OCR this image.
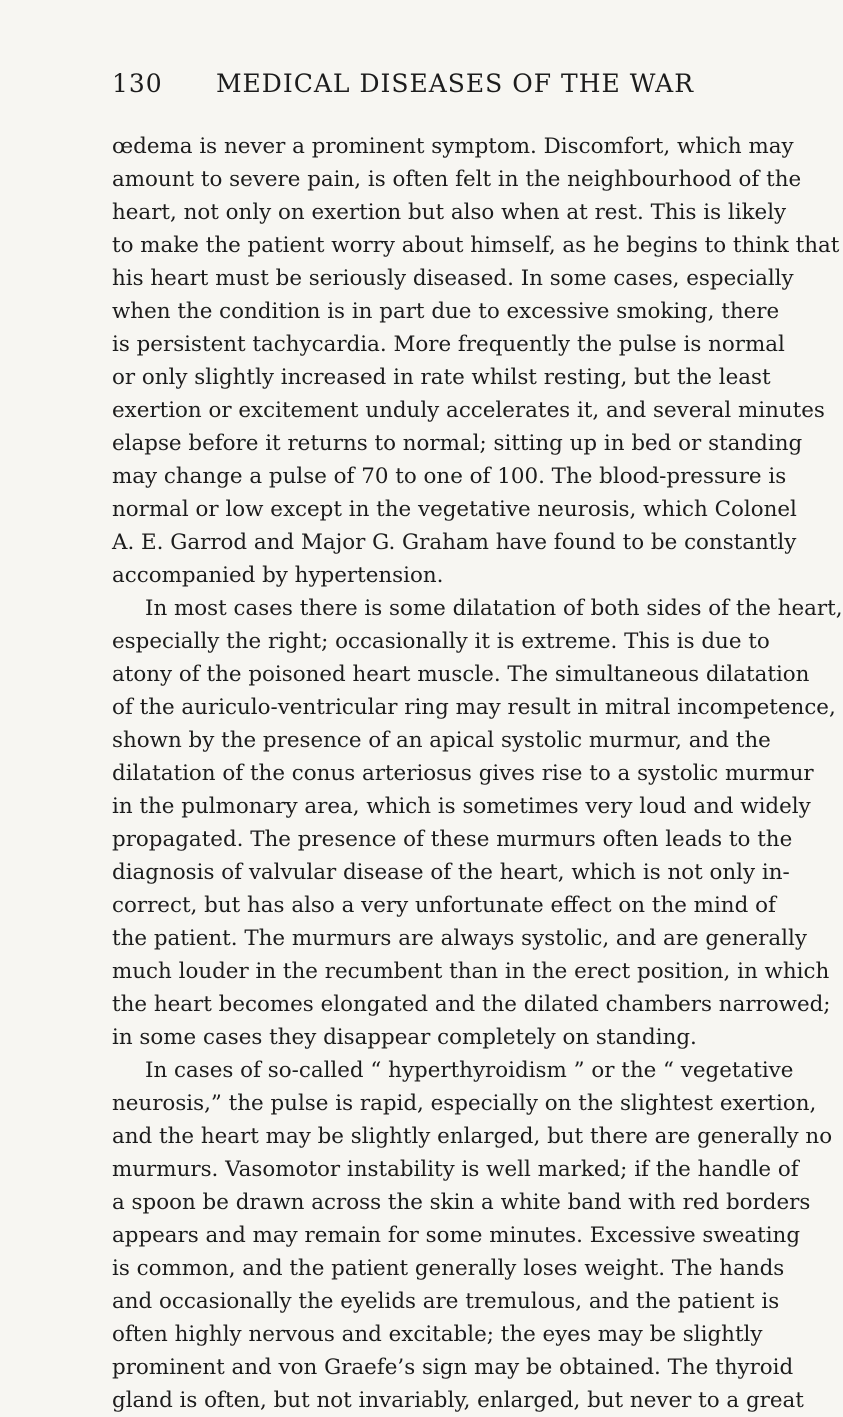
130	MEDICAL DISEASES OF THE WAR
œdema is never a prominent symptom. Discomfort, which may
amount to severe pain, is often felt in the neighbourhood of the
heart, not only on exertion but also when at rest. This is likely
to make the patient worry about himself, as he begins to think that
his heart must be seriously diseased. In some cases, especially
when the condition is in part due to excessive smoking, there
is persistent tachycardia. More frequently the pulse is normal
or only slightly increased in rate whilst resting, but the least
exertion or excitement unduly accelerates it, and several minutes
elapse before it returns to normal; sitting up in bed or standing
may change a pulse of 70 to one of 100. The blood-pressure is
normal or low except in the vegetative neurosis, which Colonel
A. E. Garrod and Major G. Graham have found to be constantly
accompanied by hypertension.
In most cases there is some dilatation of both sides of the heart,
especially the right; occasionally it is extreme. This is due to
atony of the poisoned heart muscle. The simultaneous dilatation
of the auriculo-ventricular ring may result in mitral incompetence,
shown by the presence of an apical systolic murmur, and the
dilatation of the conus arteriosus gives rise to a systolic murmur
in the pulmonary area, which is sometimes very loud and widely
propagated. The presence of these murmurs often leads to the
diagnosis of valvular disease of the heart, which is not only in-
correct, but has also a very unfortunate effect on the mind of
the patient. The murmurs are always systolic, and are generally
much louder in the recumbent than in the erect position, in which
the heart becomes elongated and the dilated chambers narrowed;
in some cases they disappear completely on standing.
In cases of so-called “ hyperthyroidism ” or the “ vegetative
neurosis,” the pulse is rapid, especially on the slightest exertion,
and the heart may be slightly enlarged, but there are generally no
murmurs. Vasomotor instability is well marked; if the handle of
a spoon be drawn across the skin a white band with red borders
appears and may remain for some minutes. Excessive sweating
is common, and the patient generally loses weight. The hands
and occasionally the eyelids are tremulous, and the patient is
often highly nervous and excitable; the eyes may be slightly
prominent and von Graefe’s sign may be obtained. The thyroid
gland is often, but not invariably, enlarged, but never to a great
